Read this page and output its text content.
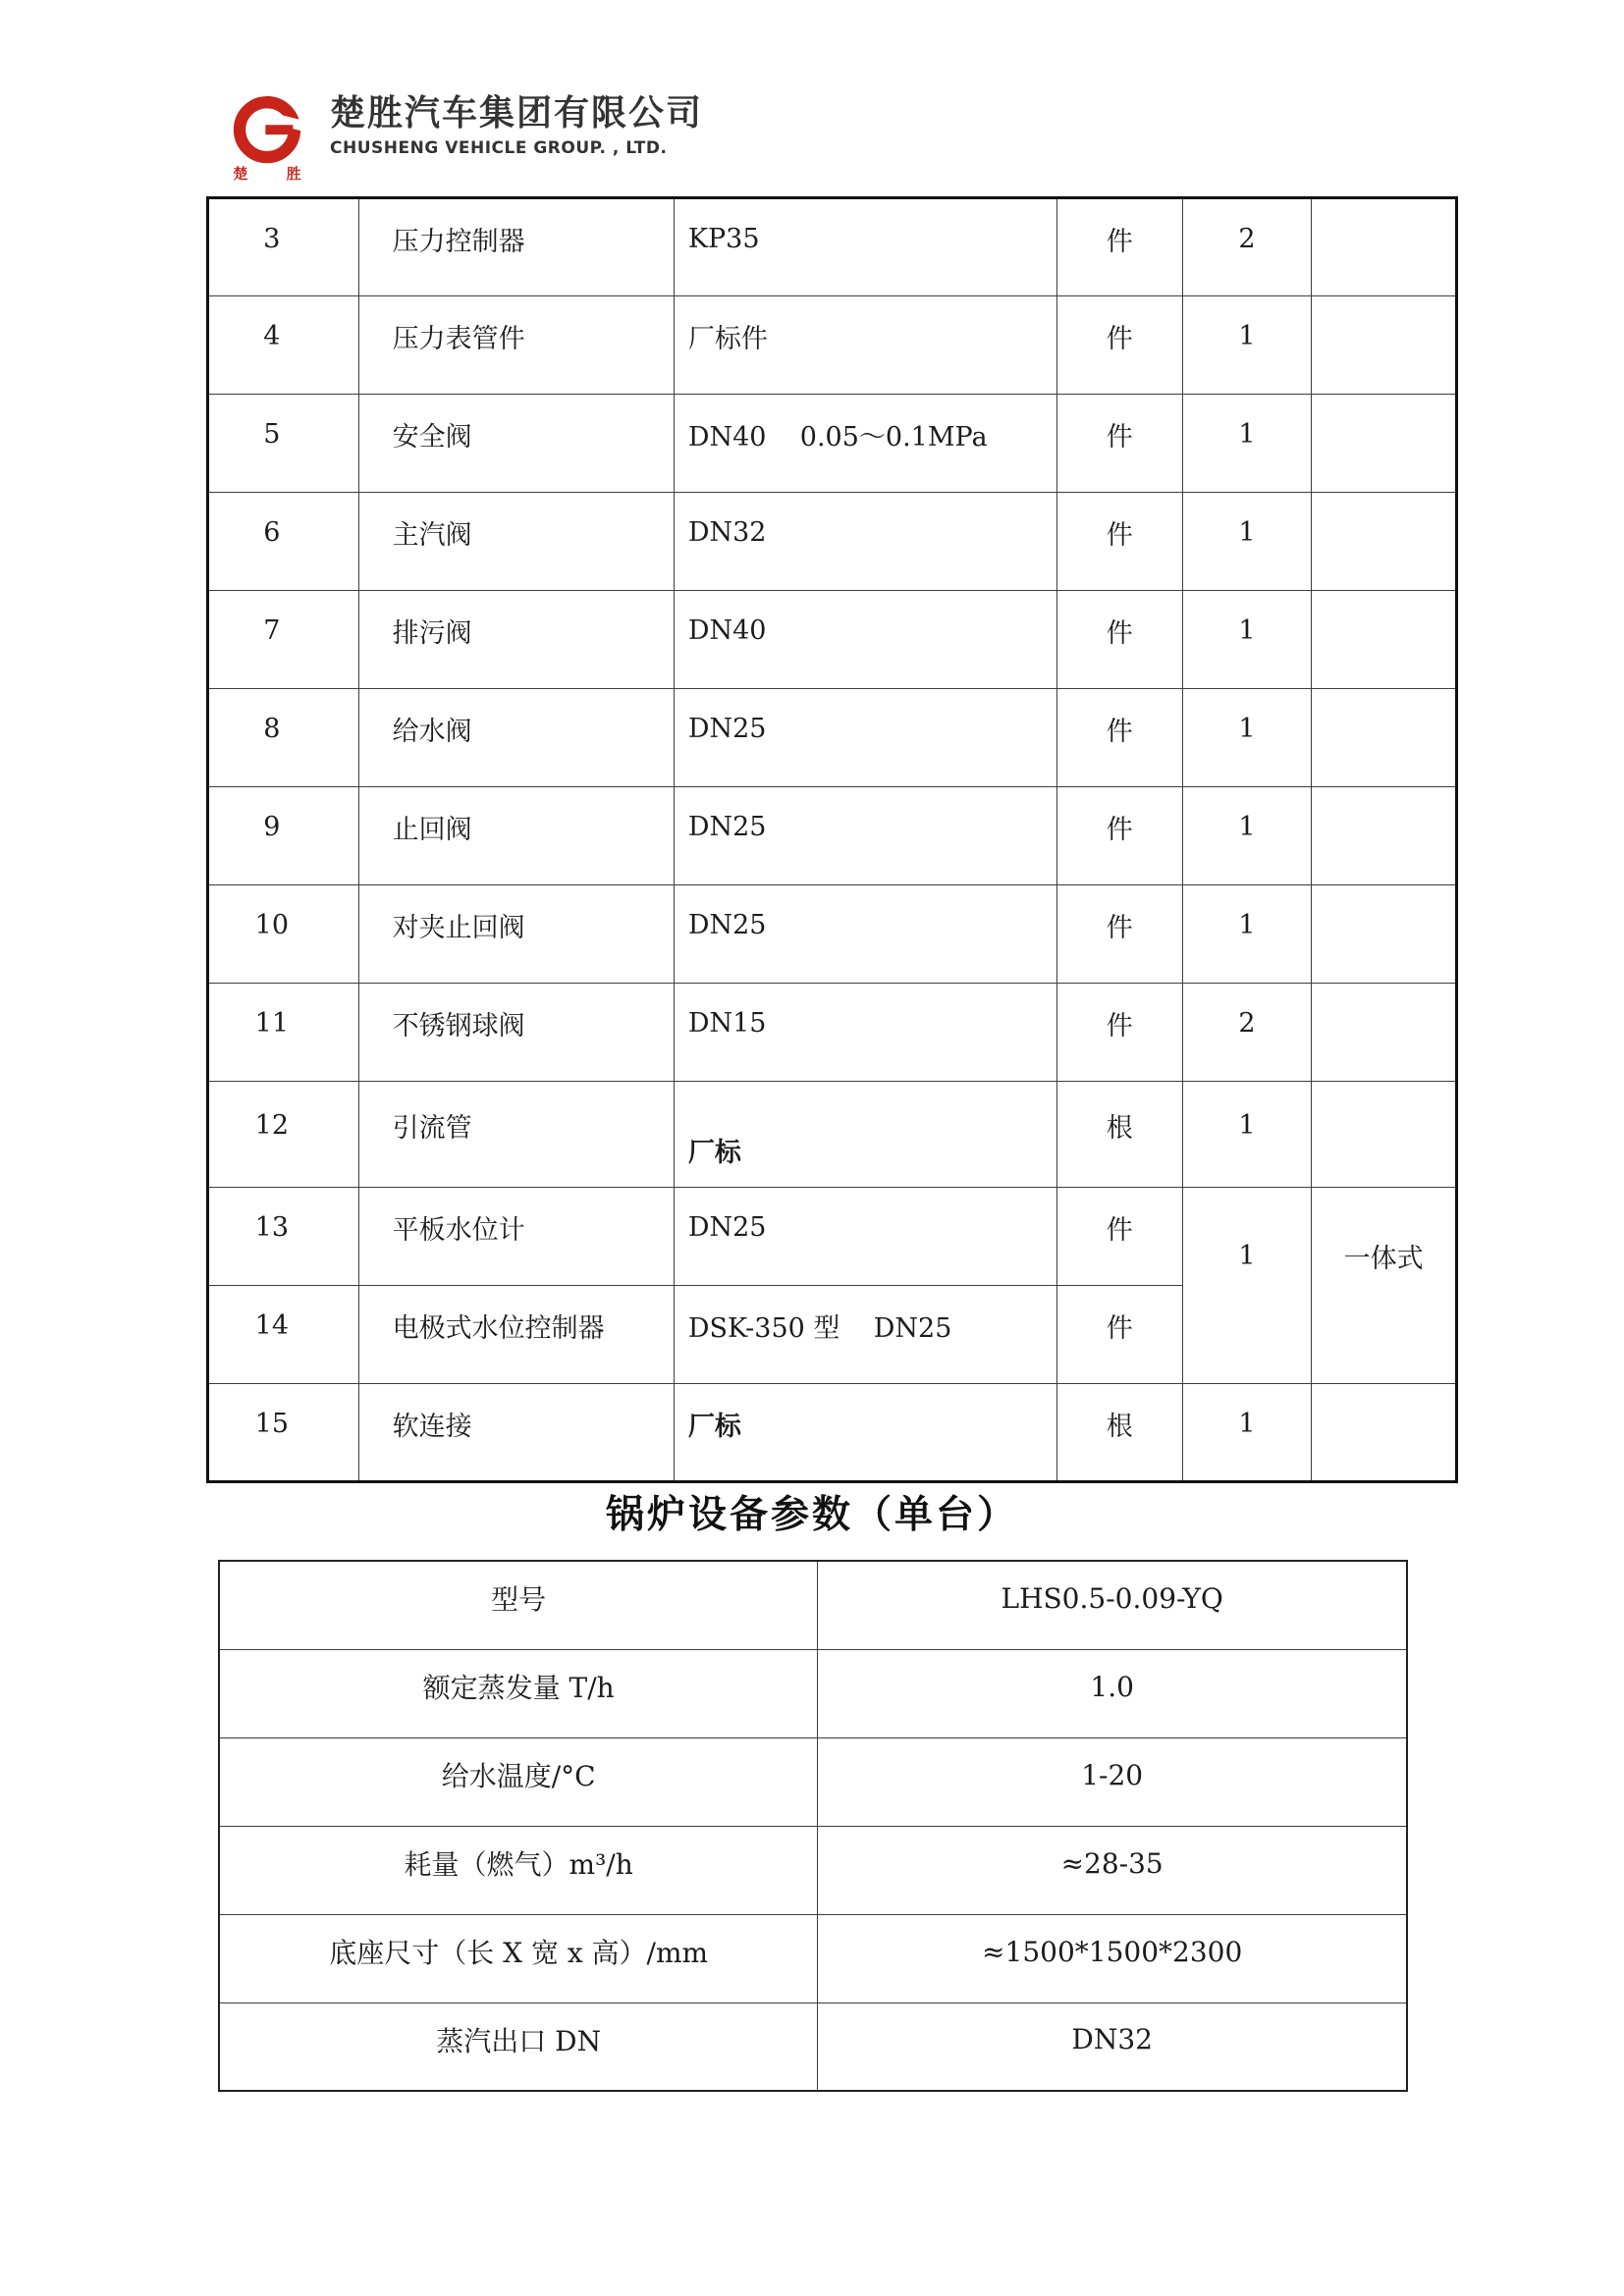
楚 胜
楚胜汽车集团有限公司
CHUSHENG VEHICLE GROUP. , LTD.
3	压力控制器	KP35	件	2	
4	压力表管件	厂标件	件	1	
5	安全阀	DN40    0.05～0.1MPa	件	1	
6	主汽阀	DN32	件	1	
7	排污阀	DN40	件	1	
8	给水阀	DN25	件	1	
9	止回阀	DN25	件	1	
10	对夹止回阀	DN25	件	1	
11	不锈钢球阀	DN15	件	2	
12	引流管	厂标	根	1	
13	平板水位计	DN25	件	1	一体式
14	电极式水位控制器	DSK-350 型    DN25	件		
15	软连接	厂标	根	1	
锅炉设备参数（单台）
型号	LHS0.5-0.09-YQ
额定蒸发量 T/h	1.0
给水温度/°C	1-20
耗量（燃气）m³/h	≈28-35
底座尺寸（长 X 宽 x 高）/mm	≈1500*1500*2300
蒸汽出口 DN	DN32
